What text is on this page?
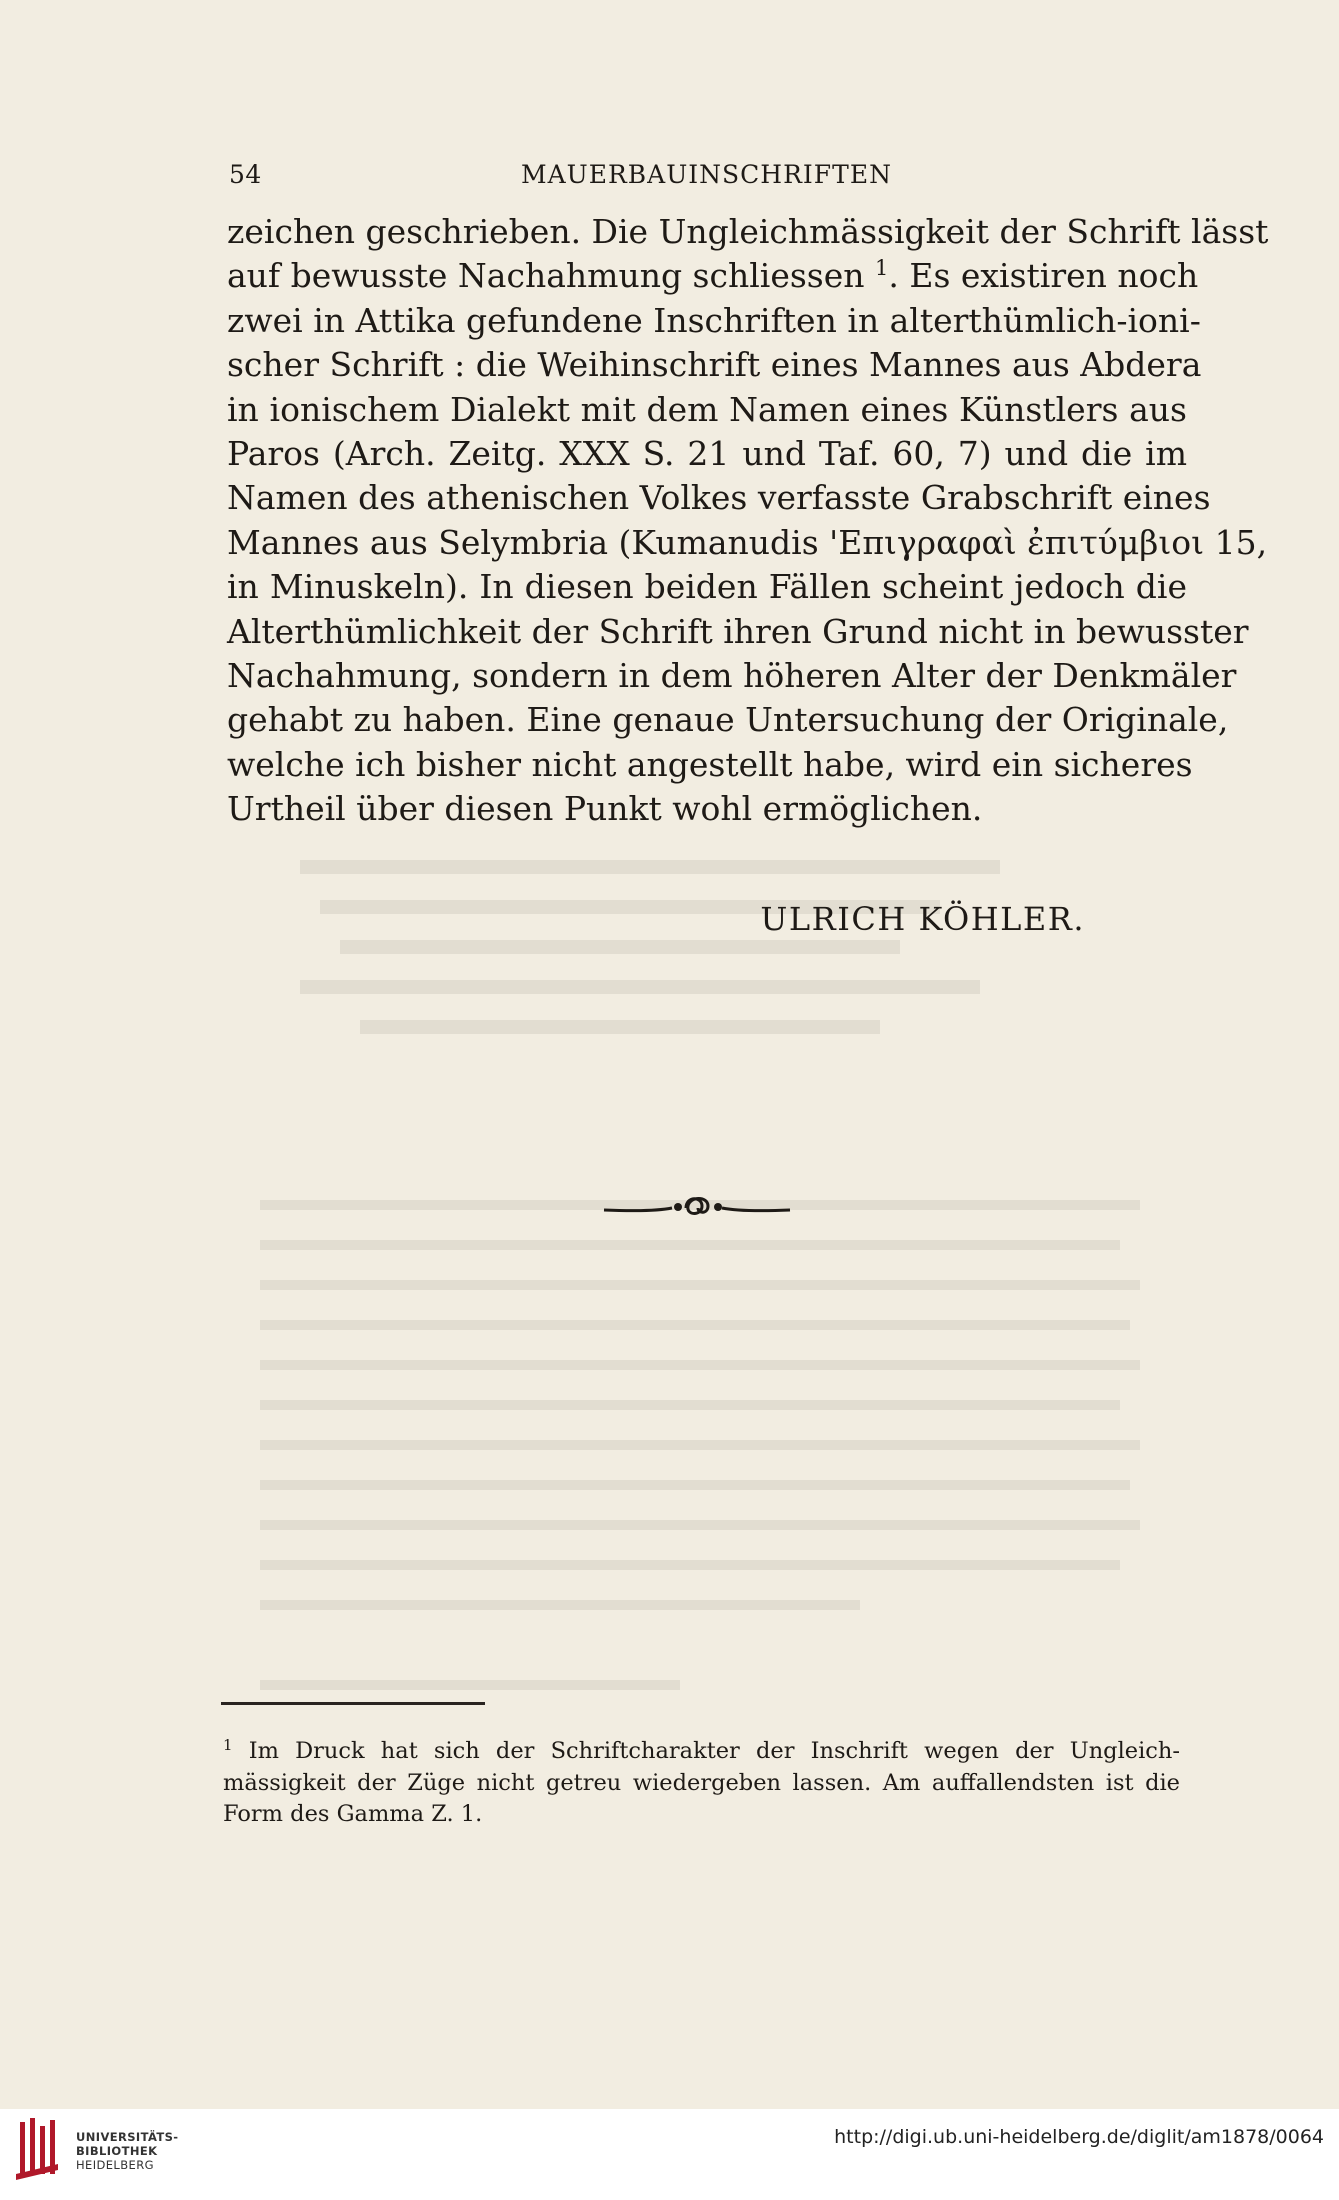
54	MAUERBAUINSCHRIFTEN
zeichen geschrieben. Die Ungleichmässigkeit der Schrift lässt
auf bewusste Nachahmung schliessen $^1$. Es existiren noch
zwei in Attika gefundene Inschriften in alterthümlich-ioni-
scher Schrift : die Weihinschrift eines Mannes aus Abdera
in ionischem Dialekt mit dem Namen eines Künstlers aus
Paros (Arch. Zeitg. XXX S. 21 und Taf. 60, 7) und die im
Namen des athenischen Volkes verfasste Grabschrift eines
Mannes aus Selymbria (Kumanudis 'Επιγραφαὶ ἐπιτύμβιοι 15,
in Minuskeln). In diesen beiden Fällen scheint jedoch die
Alterthümlichkeit der Schrift ihren Grund nicht in bewusster
Nachahmung, sondern in dem höheren Alter der Denkmäler
gehabt zu haben. Eine genaue Untersuchung der Originale,
welche ich bisher nicht angestellt habe, wird ein sicheres
Urtheil über diesen Punkt wohl ermöglichen.
ULRICH KÖHLER.
$^1$ Im Druck hat sich der Schriftcharakter der Inschrift wegen der Ungleich-
mässigkeit der Züge nicht getreu wiedergeben lassen. Am auffallendsten ist die
Form des Gamma Z. 1.
UNIVERSITÄTS-
BIBLIOTHEK
HEIDELBERG
http://digi.ub.uni-heidelberg.de/diglit/am1878/0064
